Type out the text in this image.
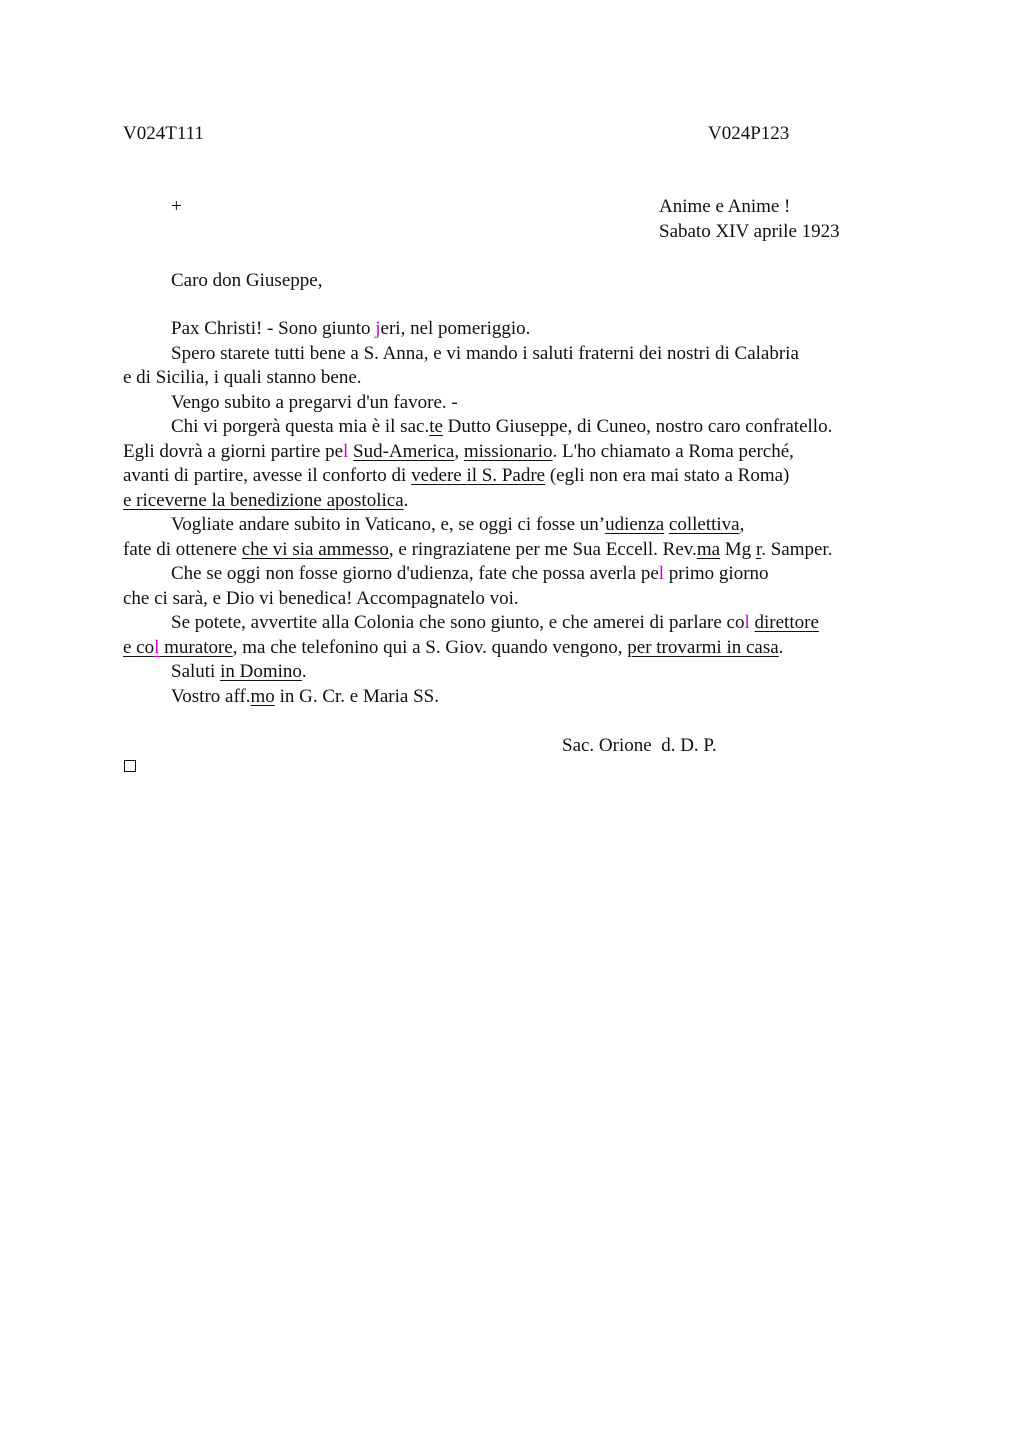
V024T111	V024P123
+	Anime e Anime !
Sabato XIV aprile 1923
Caro don Giuseppe,
Pax Christi! - Sono giunto jeri, nel pomeriggio.
Spero starete tutti bene a S. Anna, e vi mando i saluti fraterni dei nostri di Calabria
e di Sicilia, i quali stanno bene.
Vengo subito a pregarvi d'un favore. -
Chi vi porgerà questa mia è il sac.te Dutto Giuseppe, di Cuneo, nostro caro confratello.
Egli dovrà a giorni partire pel Sud-America, missionario. L'ho chiamato a Roma perché,
avanti di partire, avesse il conforto di vedere il S. Padre (egli non era mai stato a Roma)
e riceverne la benedizione apostolica.
Vogliate andare subito in Vaticano, e, se oggi ci fosse un’udienza collettiva,
fate di ottenere che vi sia ammesso, e ringraziatene per me Sua Eccell. Rev.ma Mg r. Samper.
Che se oggi non fosse giorno d'udienza, fate che possa averla pel primo giorno
che ci sarà, e Dio vi benedica! Accompagnatelo voi.
Se potete, avvertite alla Colonia che sono giunto, e che amerei di parlare col direttore
e col muratore, ma che telefonino qui a S. Giov. quando vengono, per trovarmi in casa.
Saluti in Domino.
Vostro aff.mo in G. Cr. e Maria SS.
Sac. Orione  d. D. P.
